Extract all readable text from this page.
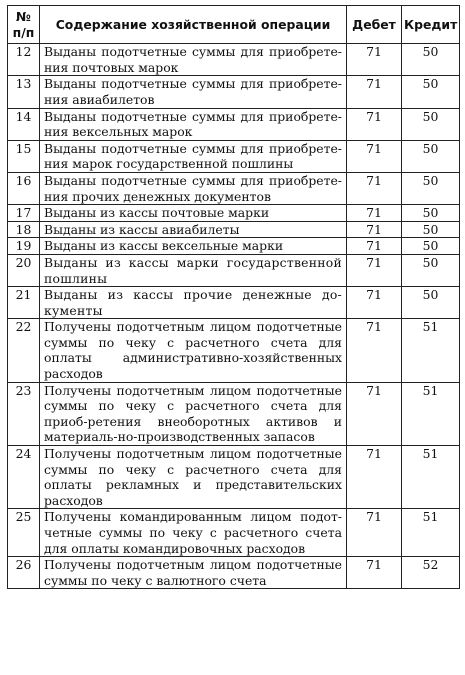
№ п/п	Содержание хозяйственной операции	Дебет	Кредит
12	Выданы подотчетные суммы для приобрете-ния почтовых марок	71	50
13	Выданы подотчетные суммы для приобрете-ния авиабилетов	71	50
14	Выданы подотчетные суммы для приобрете-ния вексельных марок	71	50
15	Выданы подотчетные суммы для приобрете-ния марок государственной пошлины	71	50
16	Выданы подотчетные суммы для приобрете-ния прочих денежных документов	71	50
17	Выданы из кассы почтовые марки	71	50
18	Выданы из кассы авиабилеты	71	50
19	Выданы из кассы вексельные марки	71	50
20	Выданы из кассы марки государственной пошлины	71	50
21	Выданы из кассы прочие денежные до-кументы	71	50
22	Получены подотчетным лицом подотчетные суммы по чеку с расчетного счета для оплаты административно-хозяйственных расходов	71	51
23	Получены подотчетным лицом подотчетные суммы по чеку с расчетного счета для приоб-ретения внеоборотных активов и материаль-но-производственных запасов	71	51
24	Получены подотчетным лицом подотчетные суммы по чеку с расчетного счета для оплаты рекламных и представительских расходов	71	51
25	Получены командированным лицом подот-четные суммы по чеку с расчетного счета для оплаты командировочных расходов	71	51
26	Получены подотчетным лицом подотчетные суммы по чеку с валютного счета	71	52
